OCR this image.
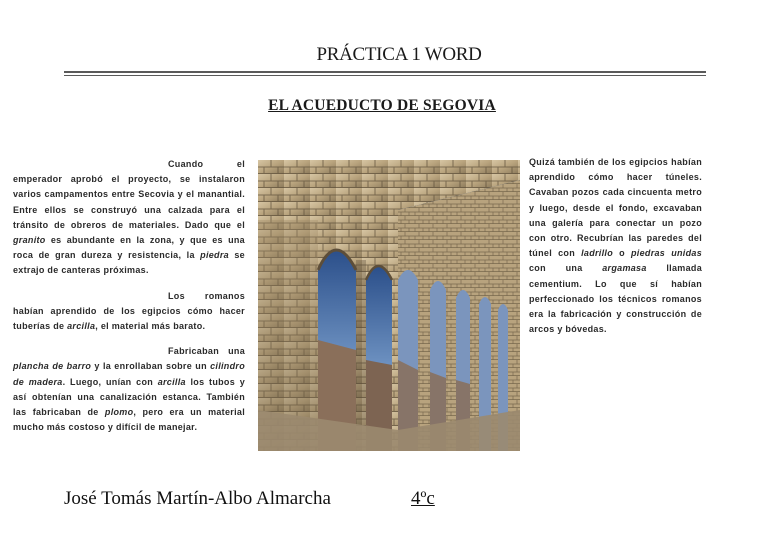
PRÁCTICA 1 WORD
EL ACUEDUCTO DE SEGOVIA

Cuando el emperador aprobó el proyecto, se instalaron varios campamentos entre Secovia y el manantial. Entre ellos se construyó una calzada para el tránsito de obreros de materiales. Dado que el granito es abundante en la zona, y que es una roca de gran dureza y resistencia, la piedra se extrajo de canteras próximas.

Los romanos habían aprendido de los egipcios cómo hacer tuberías de arcilla, el material más barato.

Fabricaban una plancha de barro y la enrollaban sobre un cilindro de madera. Luego, unían con arcilla los tubos y así obtenían una canalización estanca. También las fabricaban de plomo, pero era un material mucho más costoso y difícil de manejar.

Quizá también de los egipcios habían aprendido cómo hacer túneles. Cavaban pozos cada cincuenta metro y luego, desde el fondo, excavaban una galería para conectar un pozo con otro. Recubrían las paredes del túnel con ladrillo o piedras unidas con una argamasa llamada cementium. Lo que sí habían perfeccionado los técnicos romanos era la fabricación y construcción de arcos y bóvedas.

José Tomás Martín-Albo Almarcha	4ºc
